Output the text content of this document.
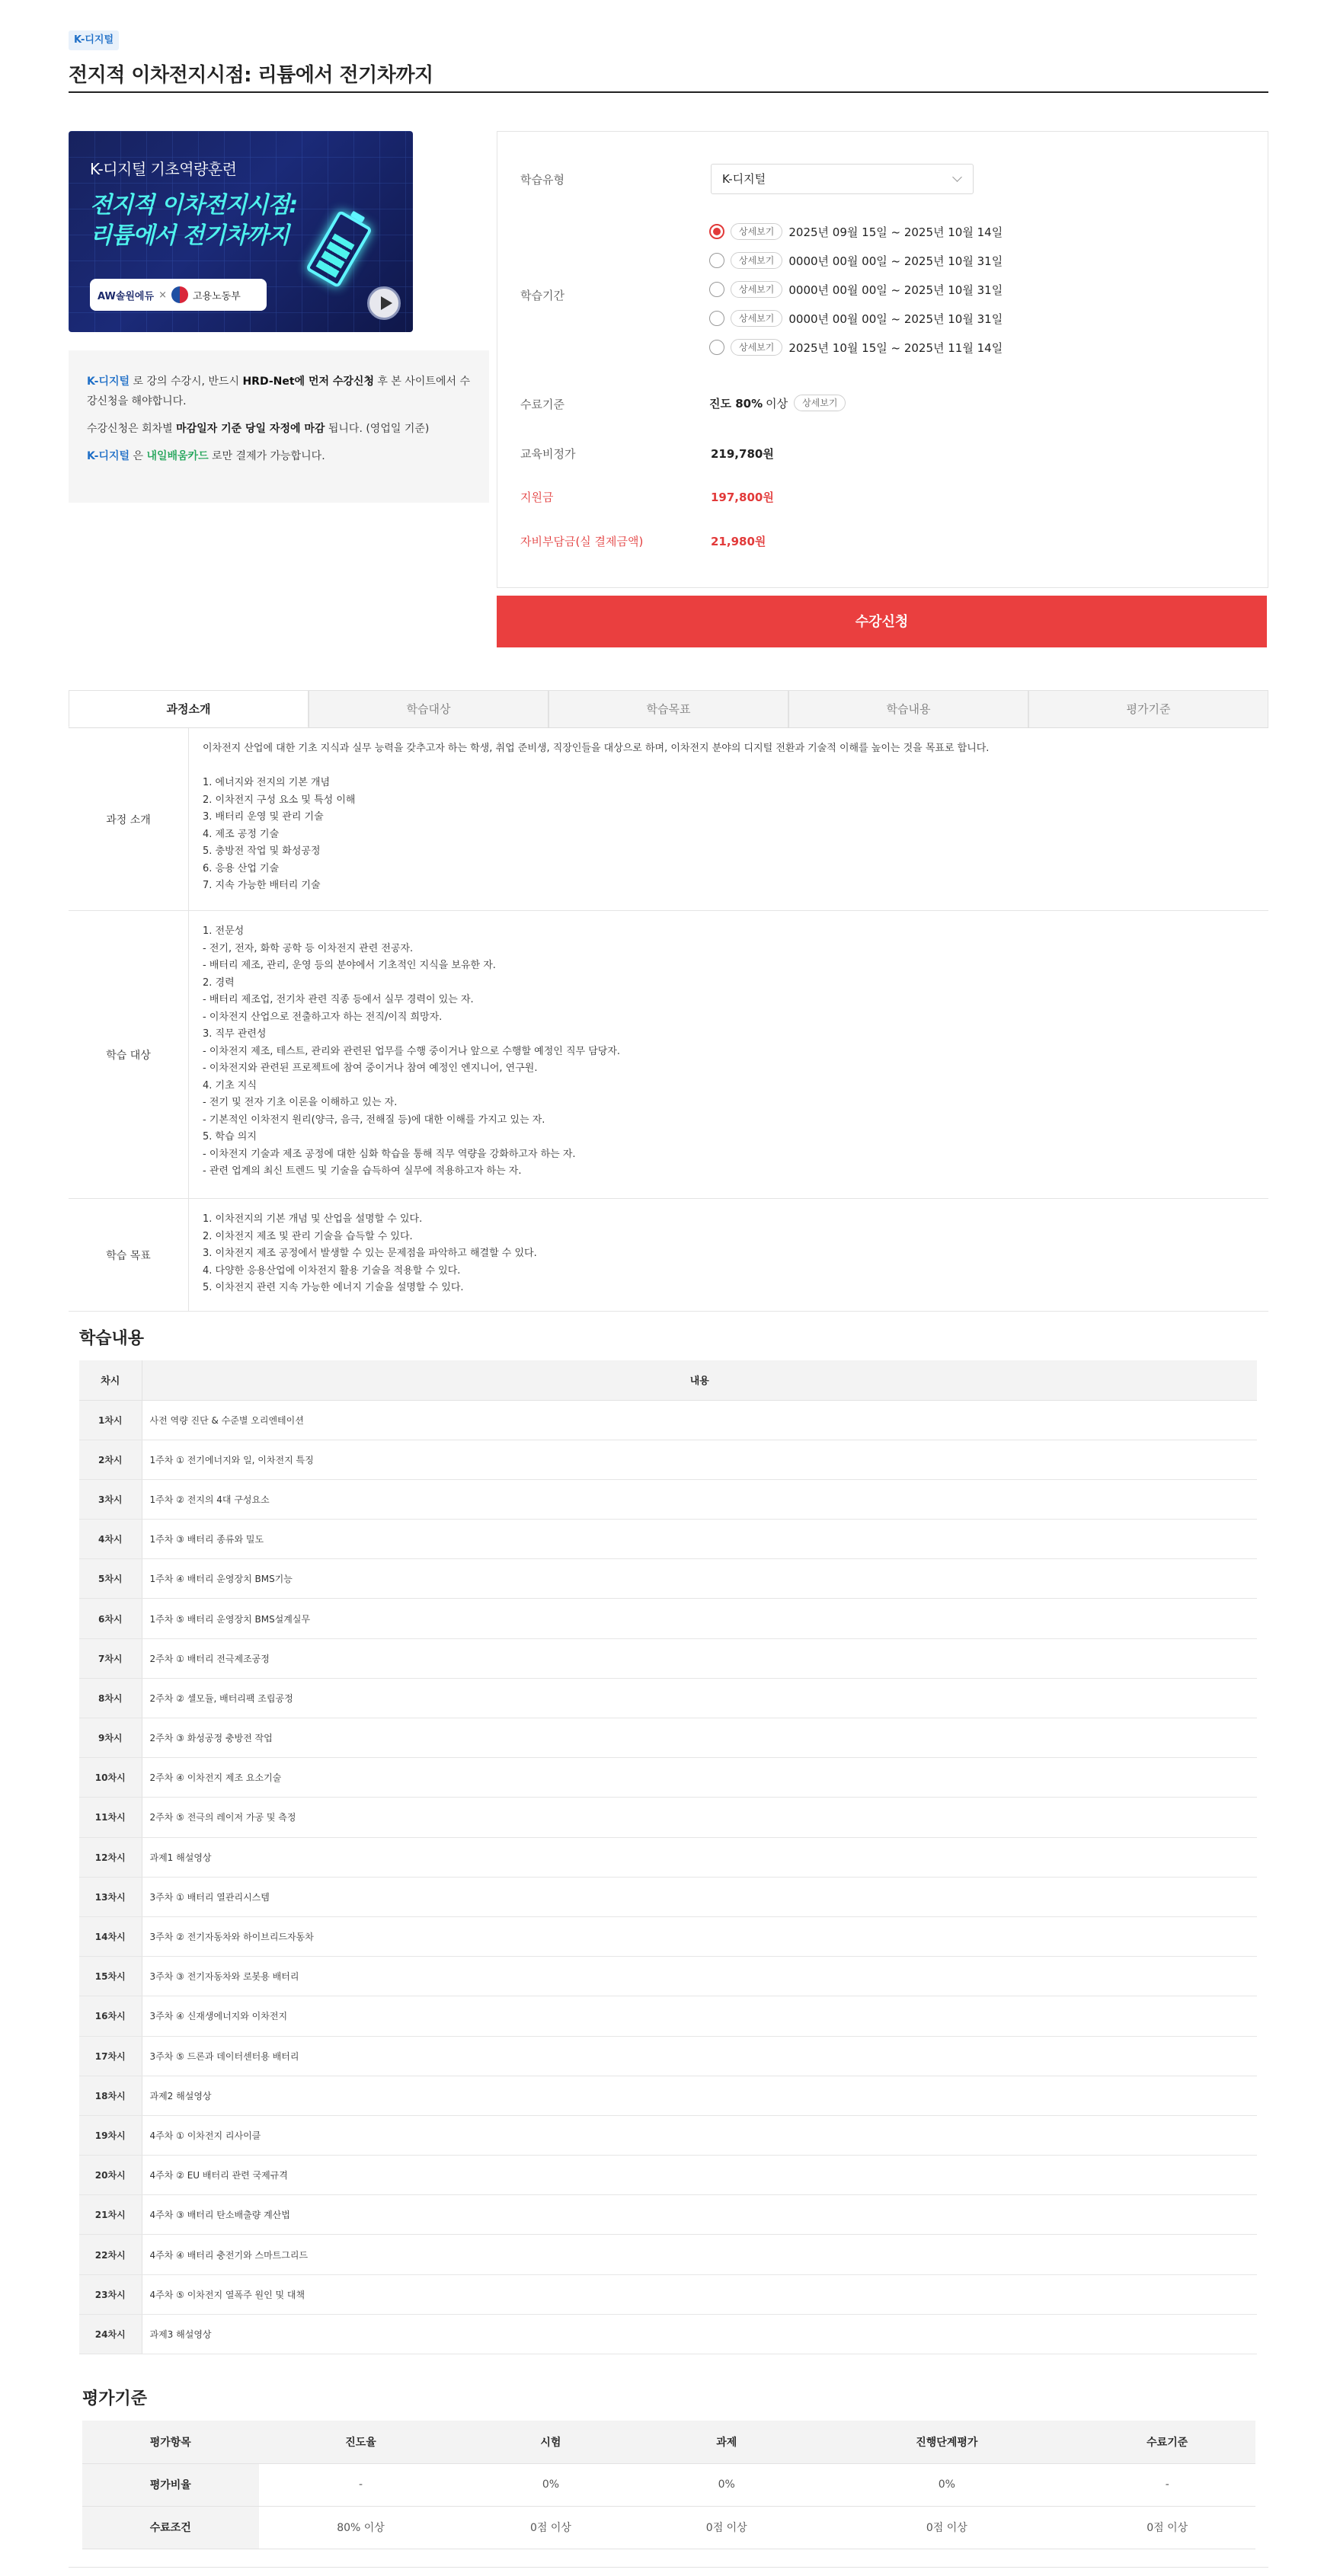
K-디지털
전지적 이차전지시점: 리튬에서 전기차까지
K-디지털 기초역량훈련
전지적 이차전지시점: 리튬에서 전기차까지
AW솔원에듀 ×	고용노동부

K-디지털 로 강의 수강시, 반드시 HRD-Net에 먼저 수강신청 후 본 사이트에서 수강신청을 해야합니다.

수강신청은 회차별 마감일자 기준 당일 자정에 마감 됩니다. (영업일 기준)

K-디지털 은 내일배움카드 로만 결제가 가능합니다.

학습유형	K-디지털
학습기간
상세보기	2025년 09월 15일 ~ 2025년 10월 14일
상세보기	0000년 00월 00일 ~ 2025년 10월 31일
상세보기	0000년 00월 00일 ~ 2025년 10월 31일
상세보기	0000년 00월 00일 ~ 2025년 10월 31일
상세보기	2025년 10월 15일 ~ 2025년 11월 14일
수료기준	진도 80% 이상	상세보기
교육비정가	219,780원
지원금	197,800원
자비부담금(실 결제금액)	21,980원
수강신청
과정소개	학습대상	학습목표	학습내용	평가기준
과정 소개
이차전지 산업에 대한 기초 지식과 실무 능력을 갖추고자 하는 학생, 취업 준비생, 직장인들을 대상으로 하며, 이차전지 분야의 디지털 전환과 기술적 이해를 높이는 것을 목표로 합니다.

1. 에너지와 전지의 기본 개념
2. 이차전지 구성 요소 및 특성 이해
3. 배터리 운영 및 관리 기술
4. 제조 공정 기술
5. 충방전 작업 및 화성공정
6. 응용 산업 기술
7. 지속 가능한 배터리 기술
학습 대상
1. 전문성
- 전기, 전자, 화학 공학 등 이차전지 관련 전공자.
- 배터리 제조, 관리, 운영 등의 분야에서 기초적인 지식을 보유한 자.
2. 경력
- 배터리 제조업, 전기차 관련 직종 등에서 실무 경력이 있는 자.
- 이차전지 산업으로 전출하고자 하는 전직/이직 희망자.
3. 직무 관련성
- 이차전지 제조, 테스트, 관리와 관련된 업무를 수행 중이거나 앞으로 수행할 예정인 직무 담당자.
- 이차전지와 관련된 프로젝트에 참여 중이거나 참여 예정인 엔지니어, 연구원.
4. 기초 지식
- 전기 및 전자 기초 이론을 이해하고 있는 자.
- 기본적인 이차전지 원리(양극, 음극, 전해질 등)에 대한 이해를 가지고 있는 자.
5. 학습 의지
- 이차전지 기술과 제조 공정에 대한 심화 학습을 통해 직무 역량을 강화하고자 하는 자.
- 관련 업계의 최신 트렌드 및 기술을 습득하여 실무에 적용하고자 하는 자.
학습 목표
1. 이차전지의 기본 개념 및 산업을 설명할 수 있다.
2. 이차전지 제조 및 관리 기술을 습득할 수 있다.
3. 이차전지 제조 공정에서 발생할 수 있는 문제점을 파악하고 해결할 수 있다.
4. 다양한 응용산업에 이차전지 활용 기술을 적용할 수 있다.
5. 이차전지 관련 지속 가능한 에너지 기술을 설명할 수 있다.
학습내용
차시	내용
1차시	사전 역량 진단 & 수준별 오리엔테이션
2차시	1주차 ① 전기에너지와 일, 이차전지 특징
3차시	1주차 ② 전지의 4대 구성요소
4차시	1주차 ③ 배터리 종류와 밀도
5차시	1주차 ④ 배터리 운영장치 BMS기능
6차시	1주차 ⑤ 배터리 운영장치 BMS설계실무
7차시	2주차 ① 배터리 전극제조공정
8차시	2주차 ② 셀모듈, 배터리팩 조립공정
9차시	2주차 ③ 화성공정 충방전 작업
10차시	2주차 ④ 이차전지 제조 요소기술
11차시	2주차 ⑤ 전극의 레이저 가공 및 측정
12차시	과제1 해설영상
13차시	3주차 ① 배터리 열관리시스템
14차시	3주차 ② 전기자동차와 하이브리드자동차
15차시	3주차 ③ 전기자동차와 로봇용 배터리
16차시	3주차 ④ 신재생에너지와 이차전지
17차시	3주차 ⑤ 드론과 데이터센터용 배터리
18차시	과제2 해설영상
19차시	4주차 ① 이차전지 리사이클
20차시	4주차 ② EU 배터리 관련 국제규격
21차시	4주차 ③ 배터리 탄소배출량 계산법
22차시	4주차 ④ 배터리 충전기와 스마트그리드
23차시	4주차 ⑤ 이차전지 열폭주 원인 및 대책
24차시	과제3 해설영상
평가기준
평가항목	진도율	시험	과제	진행단계평가	수료기준
평가비율	-	0%	0%	0%	-
수료조건	80% 이상	0점 이상	0점 이상	0점 이상	0점 이상
